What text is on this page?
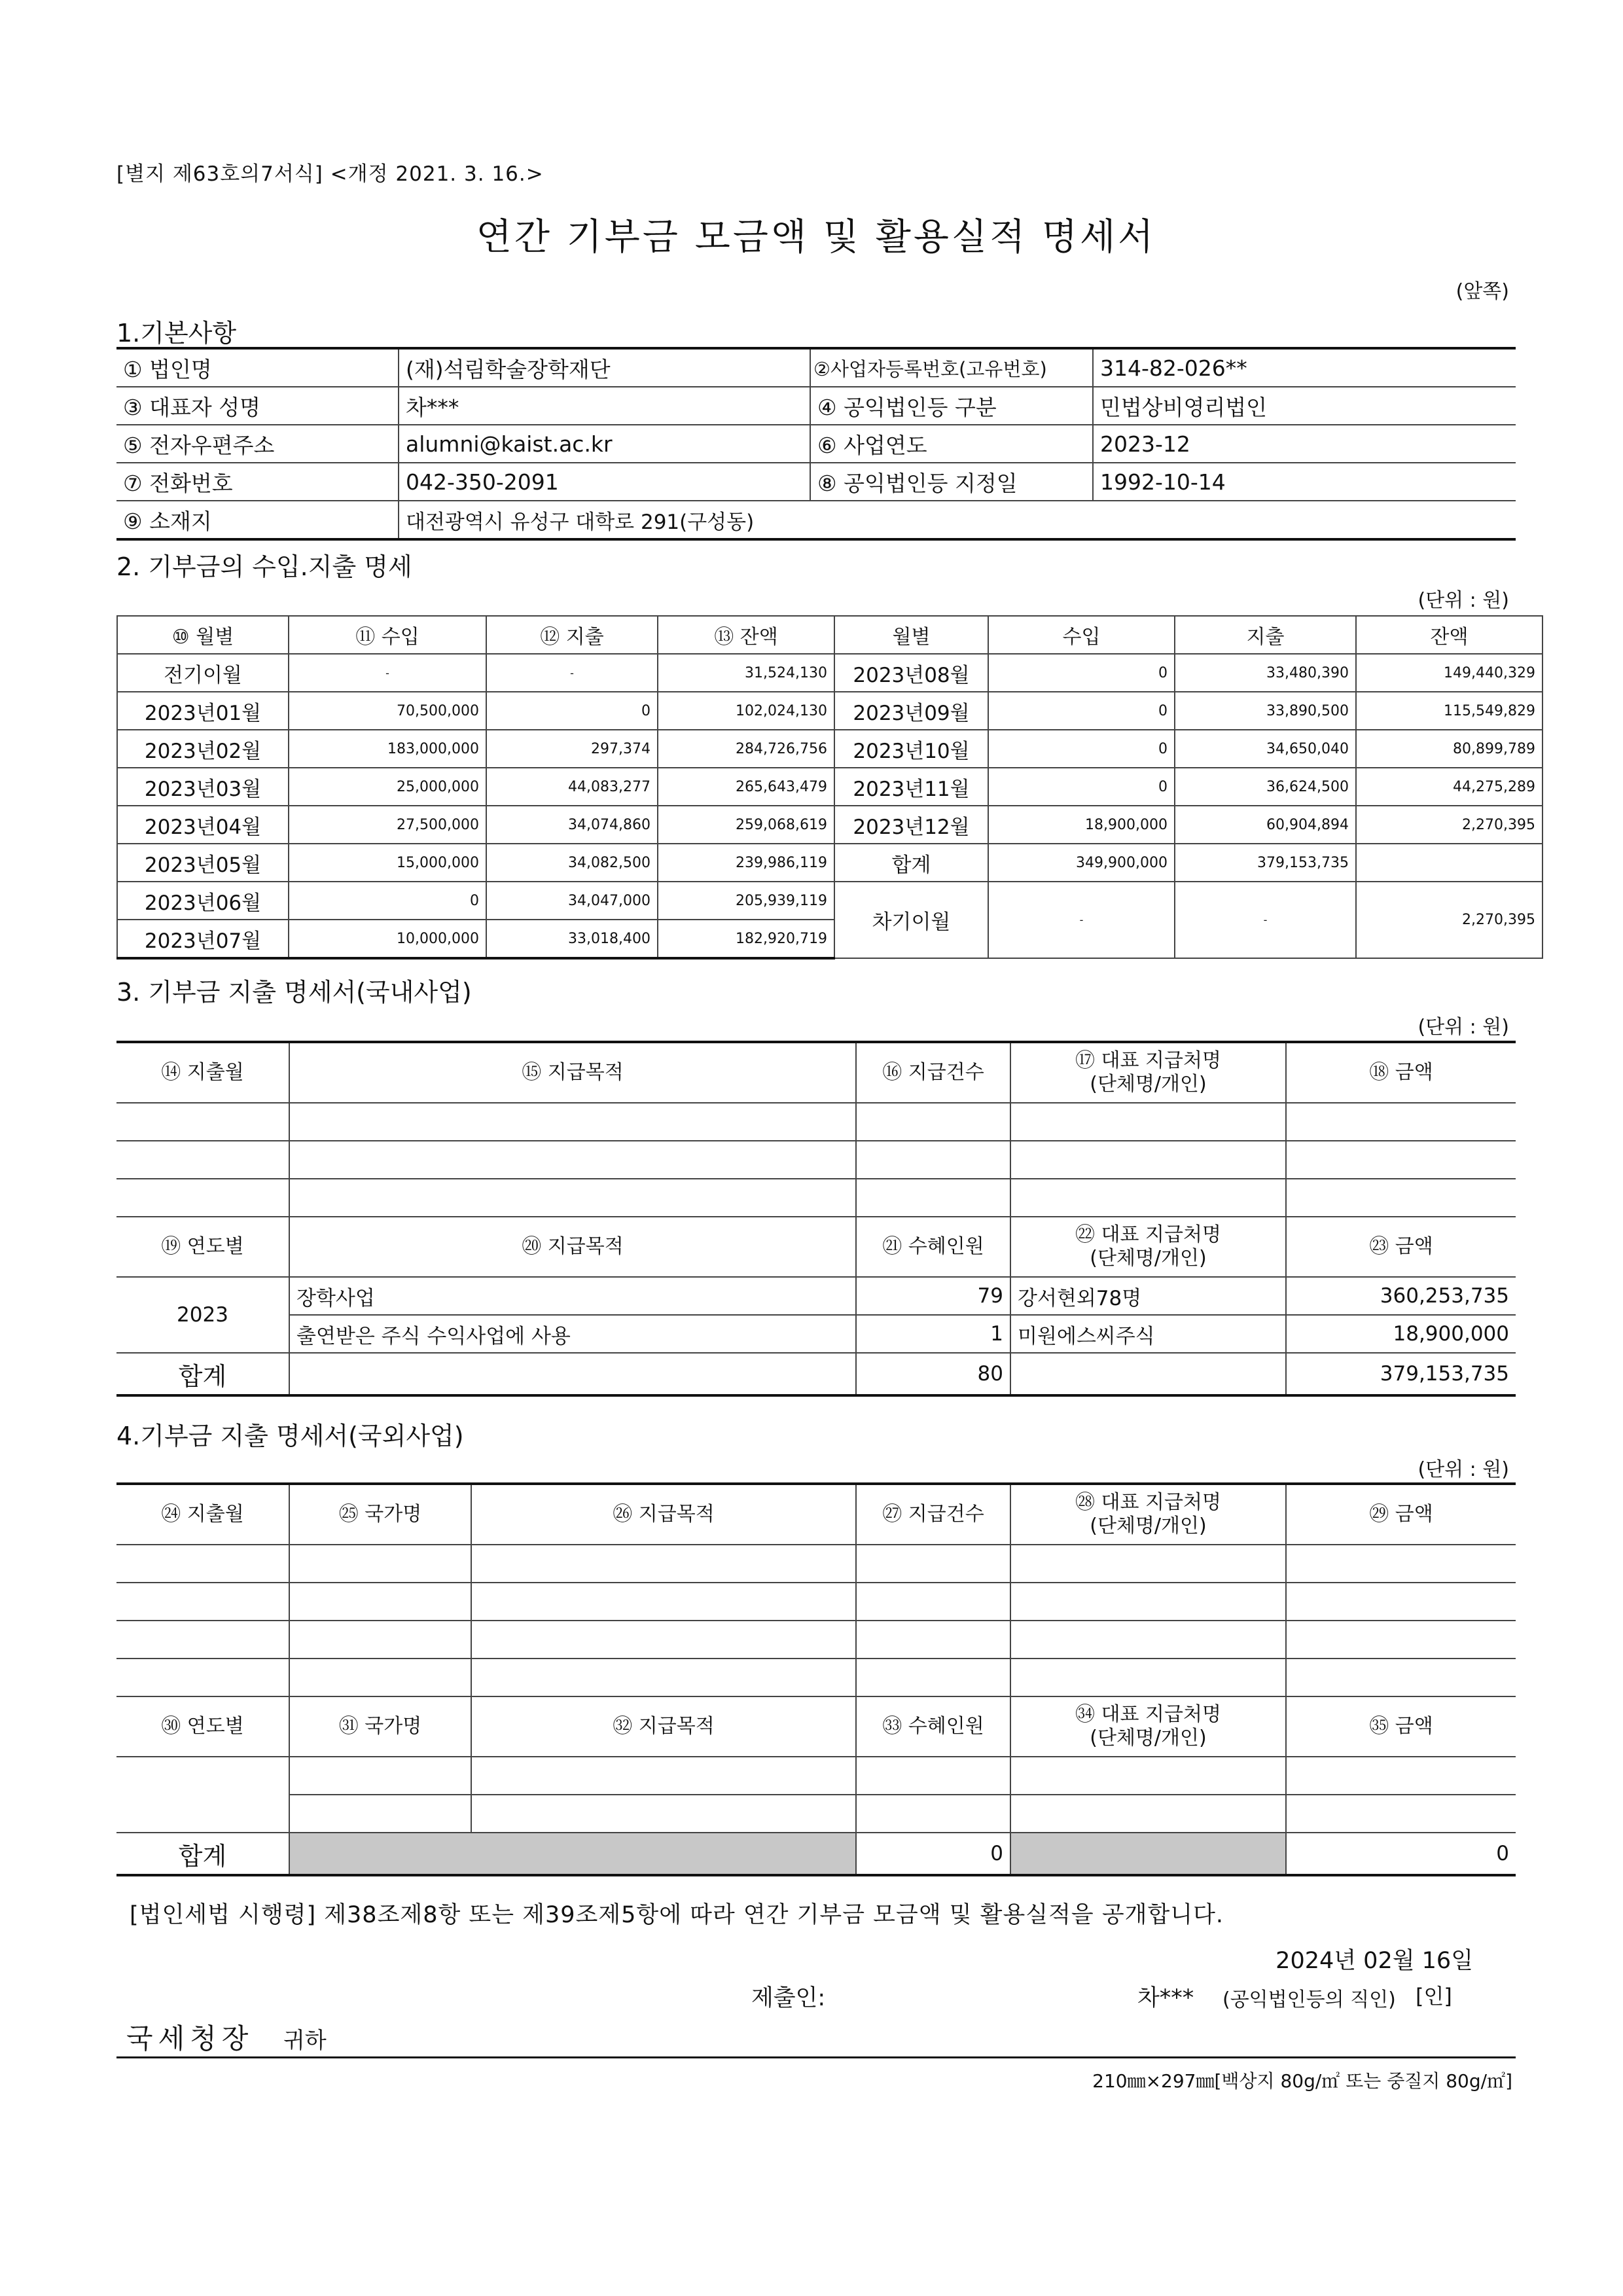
[별지 제63호의7서식] <개정 2021. 3. 16.>
연간 기부금 모금액 및 활용실적 명세서
(앞쪽)
1.기본사항
① 법인명	(재)석림학술장학재단	②사업자등록번호(고유번호)	314-82-026**
③ 대표자 성명	차***	④ 공익법인등 구분	민법상비영리법인
⑤ 전자우편주소	alumni@kaist.ac.kr	⑥ 사업연도	2023-12
⑦ 전화번호	042-350-2091	⑧ 공익법인등 지정일	1992-10-14
⑨ 소재지	대전광역시 유성구 대학로 291(구성동)		
2. 기부금의 수입.지출 명세
(단위 : 원)
⑩ 월별	⑪ 수입	⑫ 지출	⑬ 잔액	월별	수입	지출	잔액
전기이월	-	-	31,524,130	2023년08월	0	33,480,390	149,440,329
2023년01월	70,500,000	0	102,024,130	2023년09월	0	33,890,500	115,549,829
2023년02월	183,000,000	297,374	284,726,756	2023년10월	0	34,650,040	80,899,789
2023년03월	25,000,000	44,083,277	265,643,479	2023년11월	0	36,624,500	44,275,289
2023년04월	27,500,000	34,074,860	259,068,619	2023년12월	18,900,000	60,904,894	2,270,395
2023년05월	15,000,000	34,082,500	239,986,119	합계	349,900,000	379,153,735	
2023년06월	0	34,047,000	205,939,119	차기이월	-	-	2,270,395
2023년07월	10,000,000	33,018,400	182,920,719				
3. 기부금 지출 명세서(국내사업)
(단위 : 원)
⑭ 지출월	⑮ 지급목적	⑯ 지급건수	⑰ 대표 지급처명
(단체명/개인)	⑱ 금액

⑲ 연도별	⑳ 지급목적	㉑ 수혜인원	㉒ 대표 지급처명
(단체명/개인)	㉓ 금액
2023	장학사업	79	강서현외78명	360,253,735
	출연받은 주식 수익사업에 사용	1	미원에스씨주식	18,900,000
합계		80		379,153,735
4.기부금 지출 명세서(국외사업)
(단위 : 원)
㉔ 지출월	㉕ 국가명	㉖ 지급목적	㉗ 지급건수	㉘ 대표 지급처명
(단체명/개인)	㉙ 금액

㉚ 연도별	㉛ 국가명	㉜ 지급목적	㉝ 수혜인원	㉞ 대표 지급처명
(단체명/개인)	㉟ 금액

합계			0		0
[법인세법 시행령] 제38조제8항 또는 제39조제5항에 따라 연간 기부금 모금액 및 활용실적을 공개합니다.
2024년 02월 16일
제출인:	차*** (공익법인등의 직인) [인]
국세청장 귀하
210㎜×297㎜[백상지 80g/㎡ 또는 중질지 80g/㎡]
